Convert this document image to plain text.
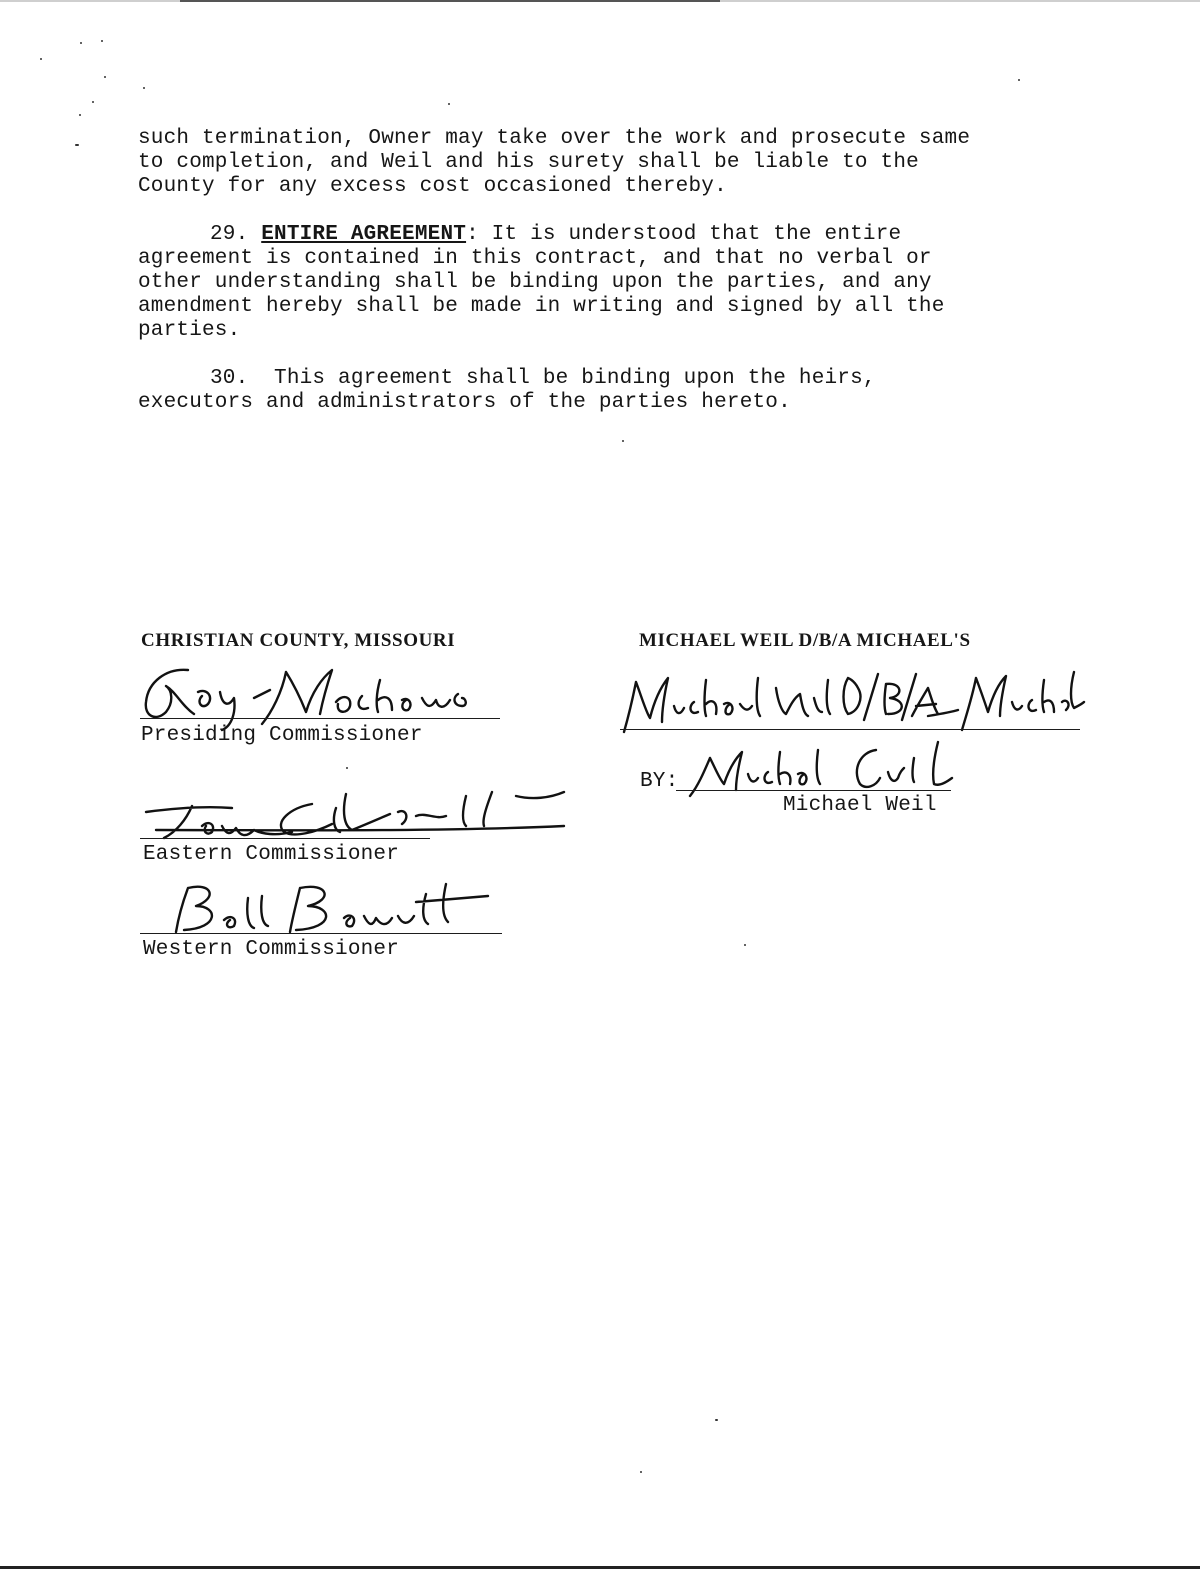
such termination, Owner may take over the work and prosecute same
to completion, and Weil and his surety shall be liable to the
County for any excess cost occasioned thereby.
29. ENTIRE AGREEMENT: It is understood that the entire
agreement is contained in this contract, and that no verbal or
other understanding shall be binding upon the parties, and any
amendment hereby shall be made in writing and signed by all the
parties.
30. This agreement shall be binding upon the heirs,
executors and administrators of the parties hereto.
CHRISTIAN COUNTY, MISSOURI	MICHAEL WEIL D/B/A MICHAEL'S
Presiding Commissioner
Eastern Commissioner
Western Commissioner
BY:
Michael Weil
